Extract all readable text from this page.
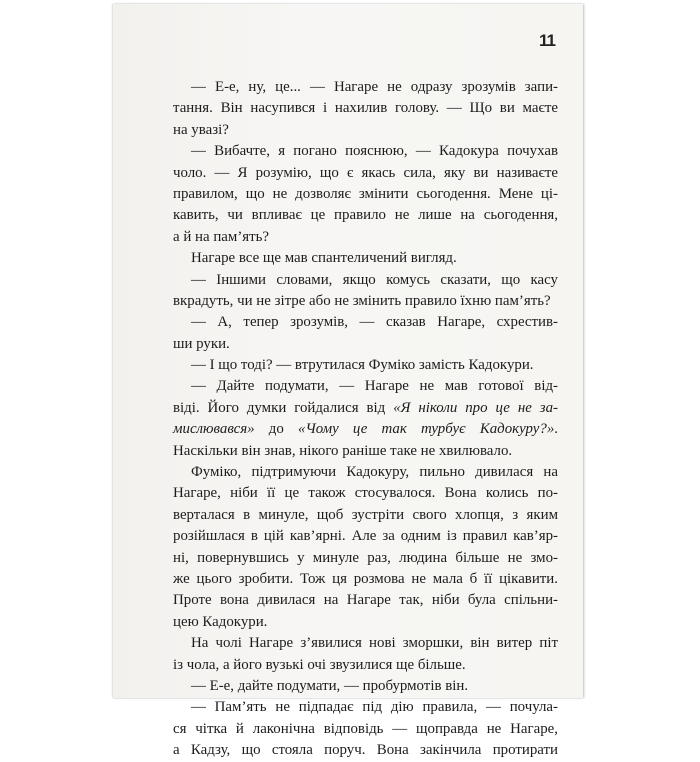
11
— Е-е, ну, це... — Нагаре не одразу зрозумів запи-
тання. Він насупився і нахилив голову. — Що ви маєте
на увазі?
— Вибачте, я погано пояснюю, — Кадокура почухав
чоло. — Я розумію, що є якась сила, яку ви називаєте
правилом, що не дозволяє змінити сьогодення. Мене ці-
кавить, чи впливає це правило не лише на сьогодення,
а й на пам’ять?
Нагаре все ще мав спантеличений вигляд.
— Іншими словами, якщо комусь сказати, що касу
вкрадуть, чи не зітре або не змінить правило їхню пам’ять?
— А, тепер зрозумів, — сказав Нагаре, схрестив-
ши руки.
— І що тоді? — втрутилася Фуміко замість Кадокури.
— Дайте подумати, — Нагаре не мав готової від-
віді. Його думки гойдалися від «Я ніколи про це не за-
мислювався» до «Чому це так турбує Кадокуру?».
Наскільки він знав, нікого раніше таке не хвилювало.
Фуміко, підтримуючи Кадокуру, пильно дивилася на
Нагаре, ніби її це також стосувалося. Вона колись по-
верталася в минуле, щоб зустріти свого хлопця, з яким
розійшлася в цій кав’ярні. Але за одним із правил кав’яр-
ні, повернувшись у минуле раз, людина більше не змо-
же цього зробити. Тож ця розмова не мала б її цікавити.
Проте вона дивилася на Нагаре так, ніби була спільни-
цею Кадокури.
На чолі Нагаре з’явилися нові зморшки, він витер піт
із чола, а його вузькі очі звузилися ще більше.
— Е-е, дайте подумати, — пробурмотів він.
— Пам’ять не підпадає під дію правила, — почула-
ся чітка й лаконічна відповідь — щоправда не Нагаре,
а Кадзу, що стояла поруч. Вона закінчила протирати
